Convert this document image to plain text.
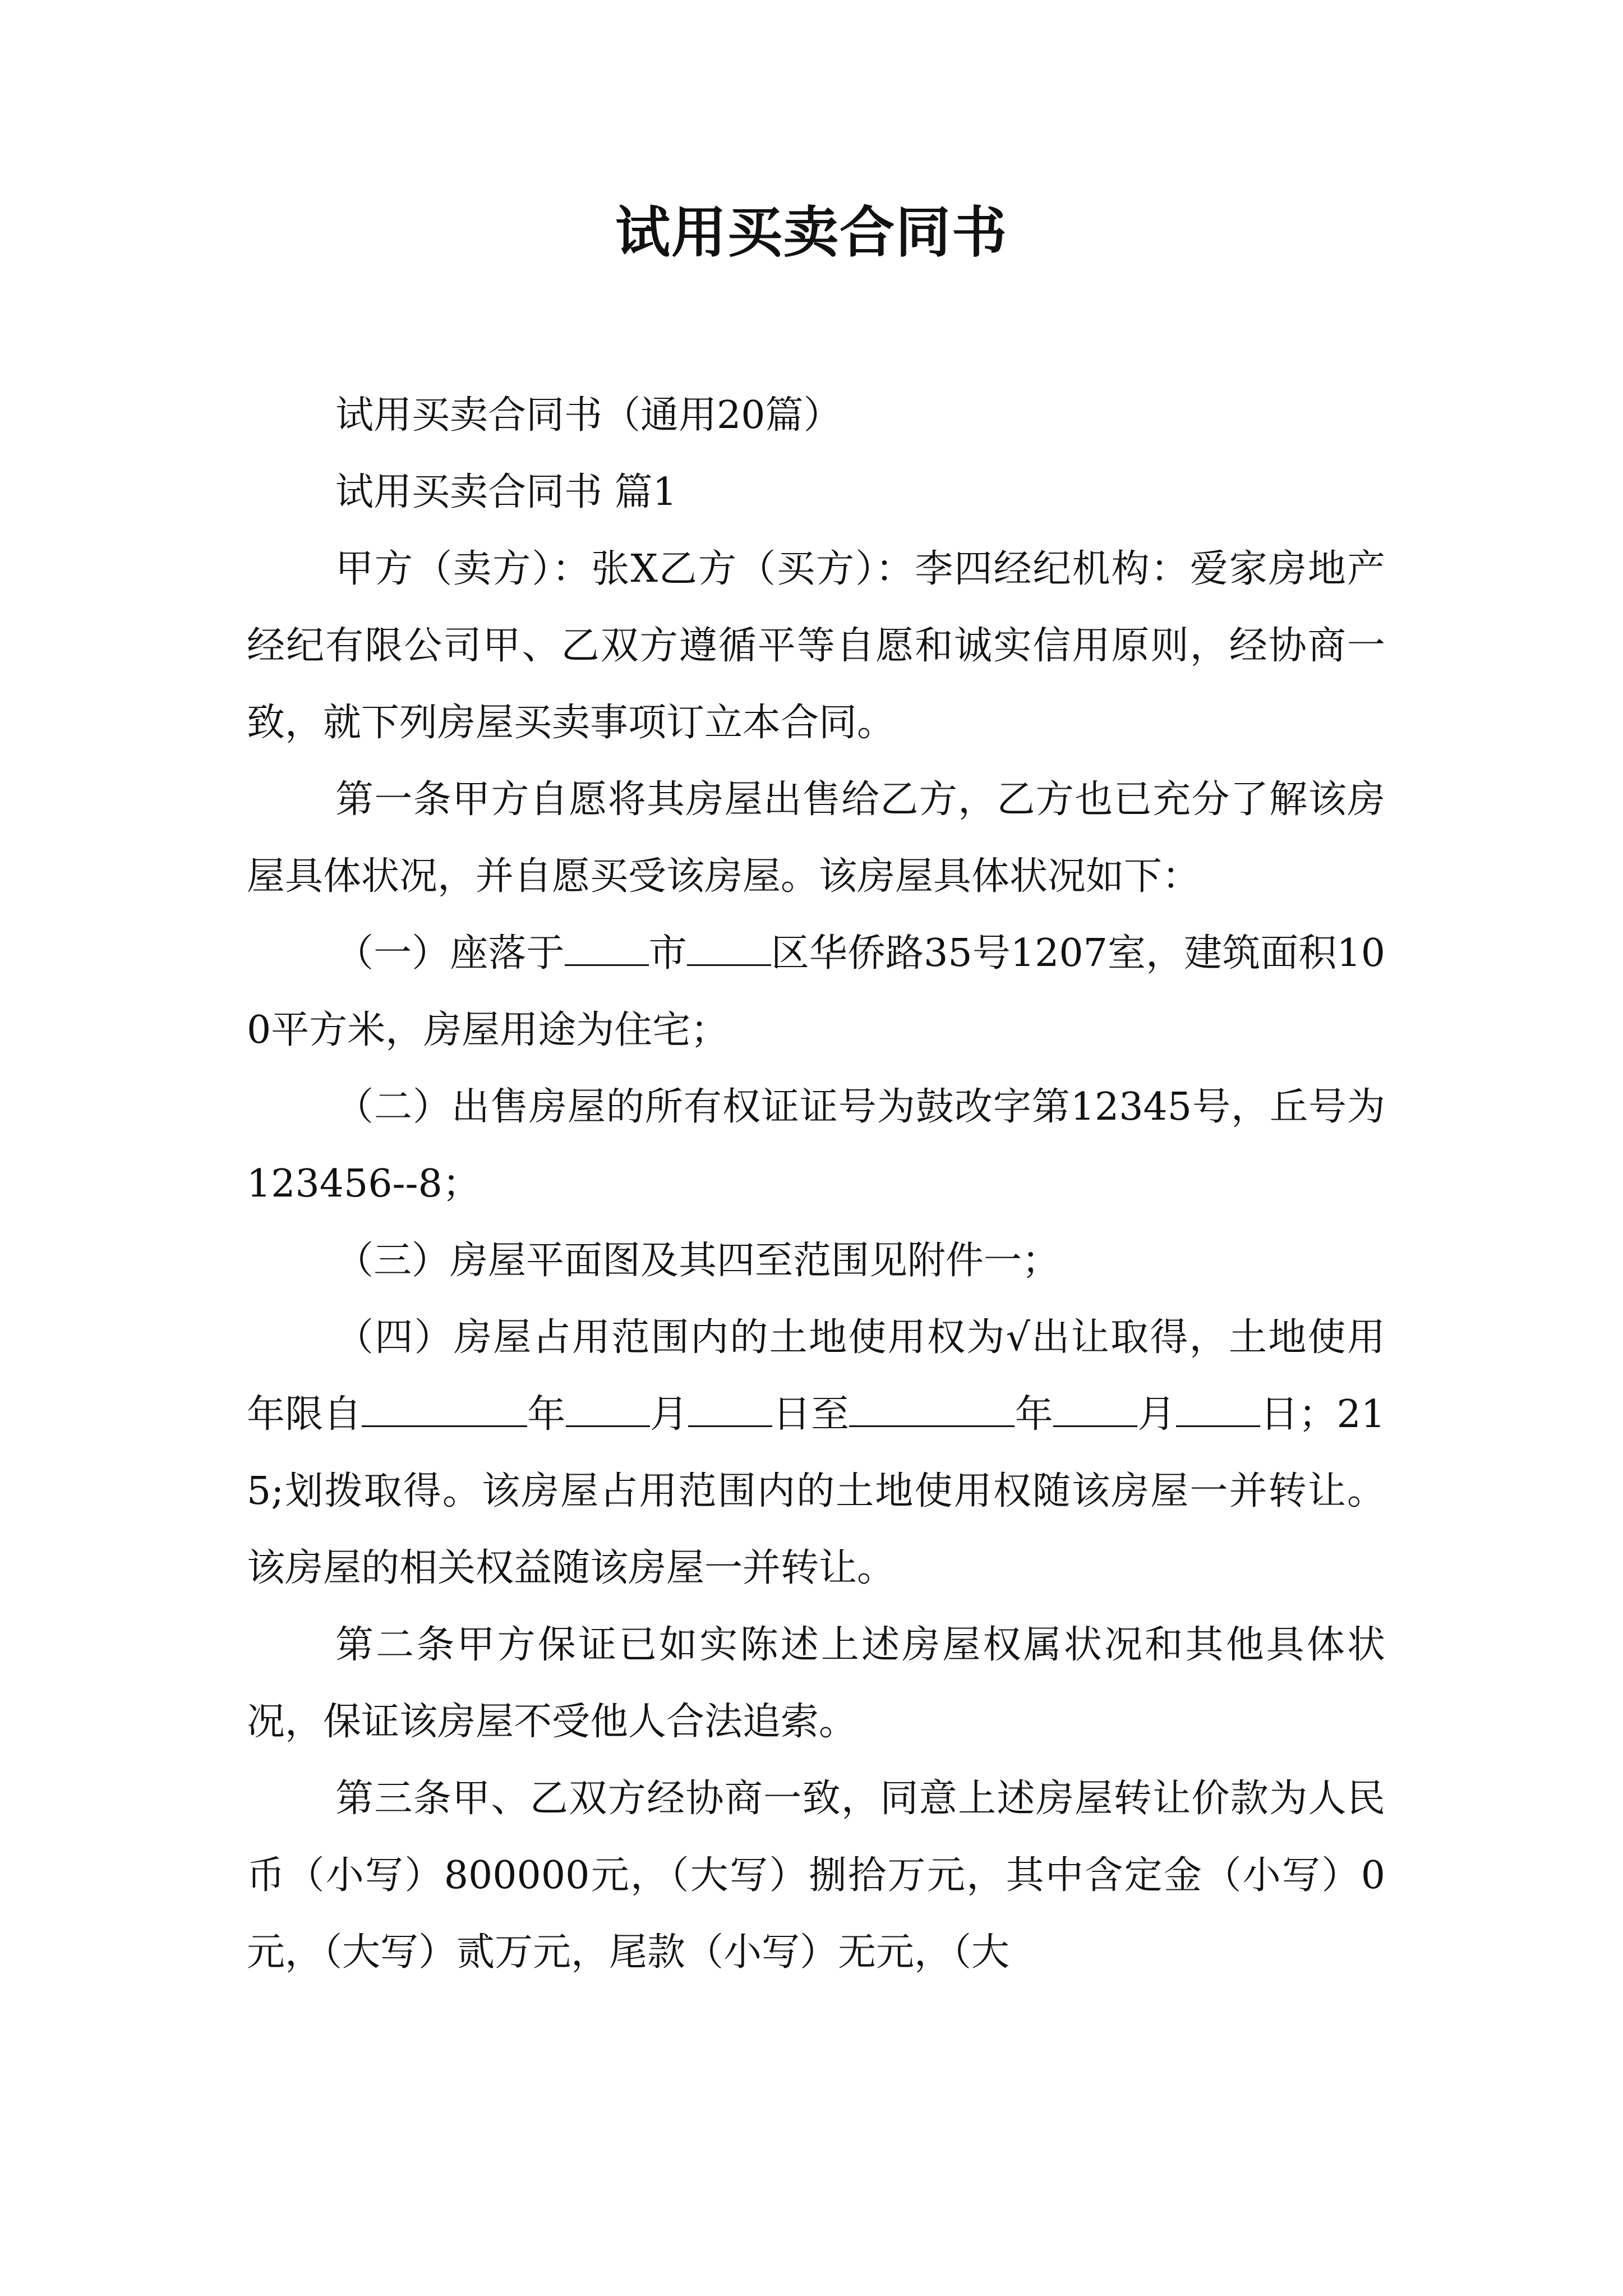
试用买卖合同书

试用买卖合同书（通用20篇）

试用买卖合同书 篇1

甲方（卖方）：张X乙方（买方）：李四经纪机构：爱家房地产经纪有限公司甲、乙双方遵循平等自愿和诚实信用原则，经协商一致，就下列房屋买卖事项订立本合同。

第一条甲方自愿将其房屋出售给乙方，乙方也已充分了解该房屋具体状况，并自愿买受该房屋。该房屋具体状况如下：

（一）座落于 市 区华侨路35号1207室，建筑面积100平方米，房屋用途为住宅；

（二）出售房屋的所有权证证号为鼓改字第12345号，丘号为123456--8；

（三）房屋平面图及其四至范围见附件一；

（四）房屋占用范围内的土地使用权为√出让取得，土地使用年限自	年 月 日至	年 月 日；215;划拨取得。该房屋占用范围内的土地使用权随该房屋一并转让。该房屋的相关权益随该房屋一并转让。

第二条甲方保证已如实陈述上述房屋权属状况和其他具体状况，保证该房屋不受他人合法追索。

第三条甲、乙双方经协商一致，同意上述房屋转让价款为人民币（小写）800000元，（大写）捌拾万元，其中含定金（小写）0元，（大写）贰万元，尾款（小写）无元，（大
